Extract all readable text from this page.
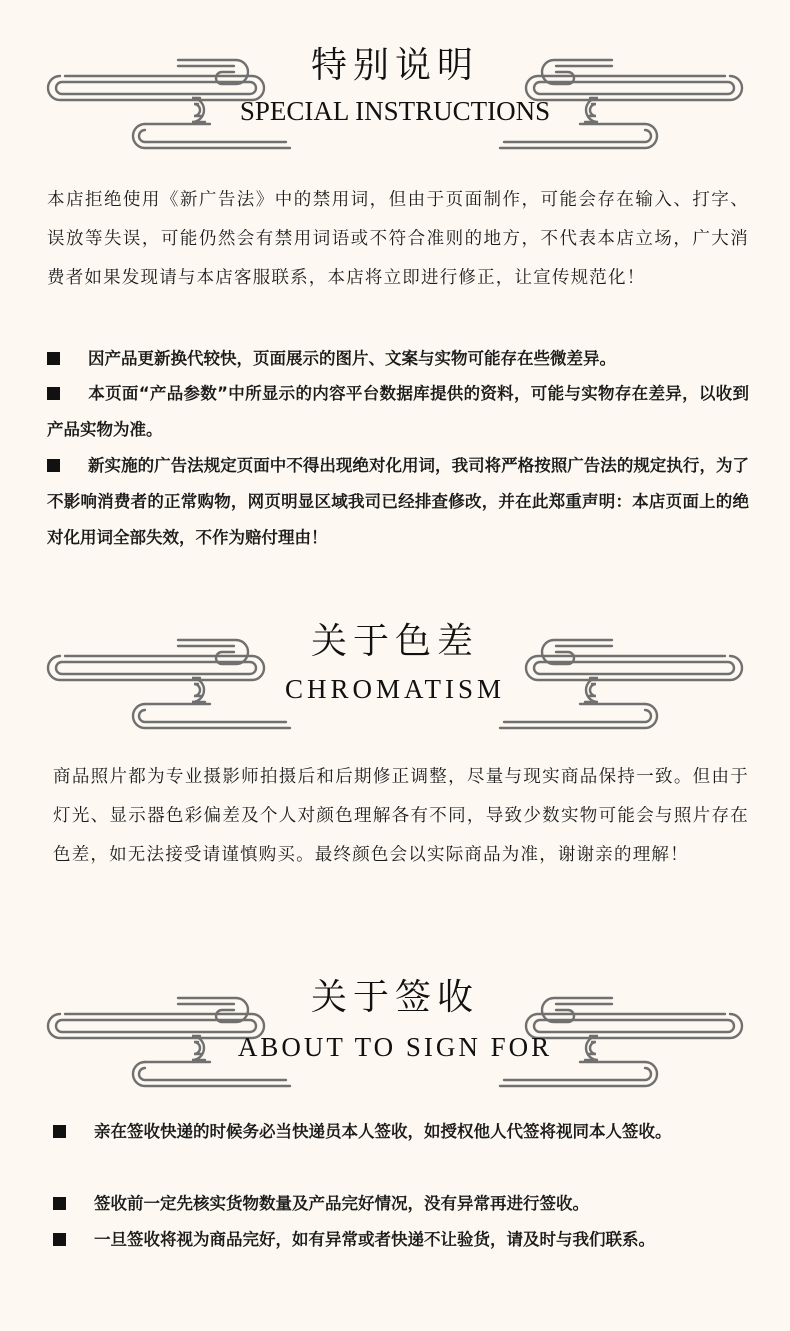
特别说明
SPECIAL INSTRUCTIONS
本店拒绝使用《新广告法》中的禁用词，但由于页面制作，可能会存在输入、打字、误放等失误，可能仍然会有禁用词语或不符合准则的地方，不代表本店立场，广大消费者如果发现请与本店客服联系，本店将立即进行修正，让宣传规范化！
因产品更新换代较快，页面展示的图片、文案与实物可能存在些微差异。
本页面“产品参数”中所显示的内容平台数据库提供的资料，可能与实物存在差异，以收到产品实物为准。
新实施的广告法规定页面中不得出现绝对化用词，我司将严格按照广告法的规定执行，为了不影响消费者的正常购物，网页明显区域我司已经排查修改，并在此郑重声明：本店页面上的绝对化用词全部失效，不作为赔付理由！
关于色差
CHROMATISM
商品照片都为专业摄影师拍摄后和后期修正调整，尽量与现实商品保持一致。但由于灯光、显示器色彩偏差及个人对颜色理解各有不同，导致少数实物可能会与照片存在色差，如无法接受请谨慎购买。最终颜色会以实际商品为准，谢谢亲的理解！
关于签收
ABOUT TO SIGN FOR
亲在签收快递的时候务必当快递员本人签收，如授权他人代签将视同本人签收。
签收前一定先核实货物数量及产品完好情况，没有异常再进行签收。
一旦签收将视为商品完好，如有异常或者快递不让验货，请及时与我们联系。
